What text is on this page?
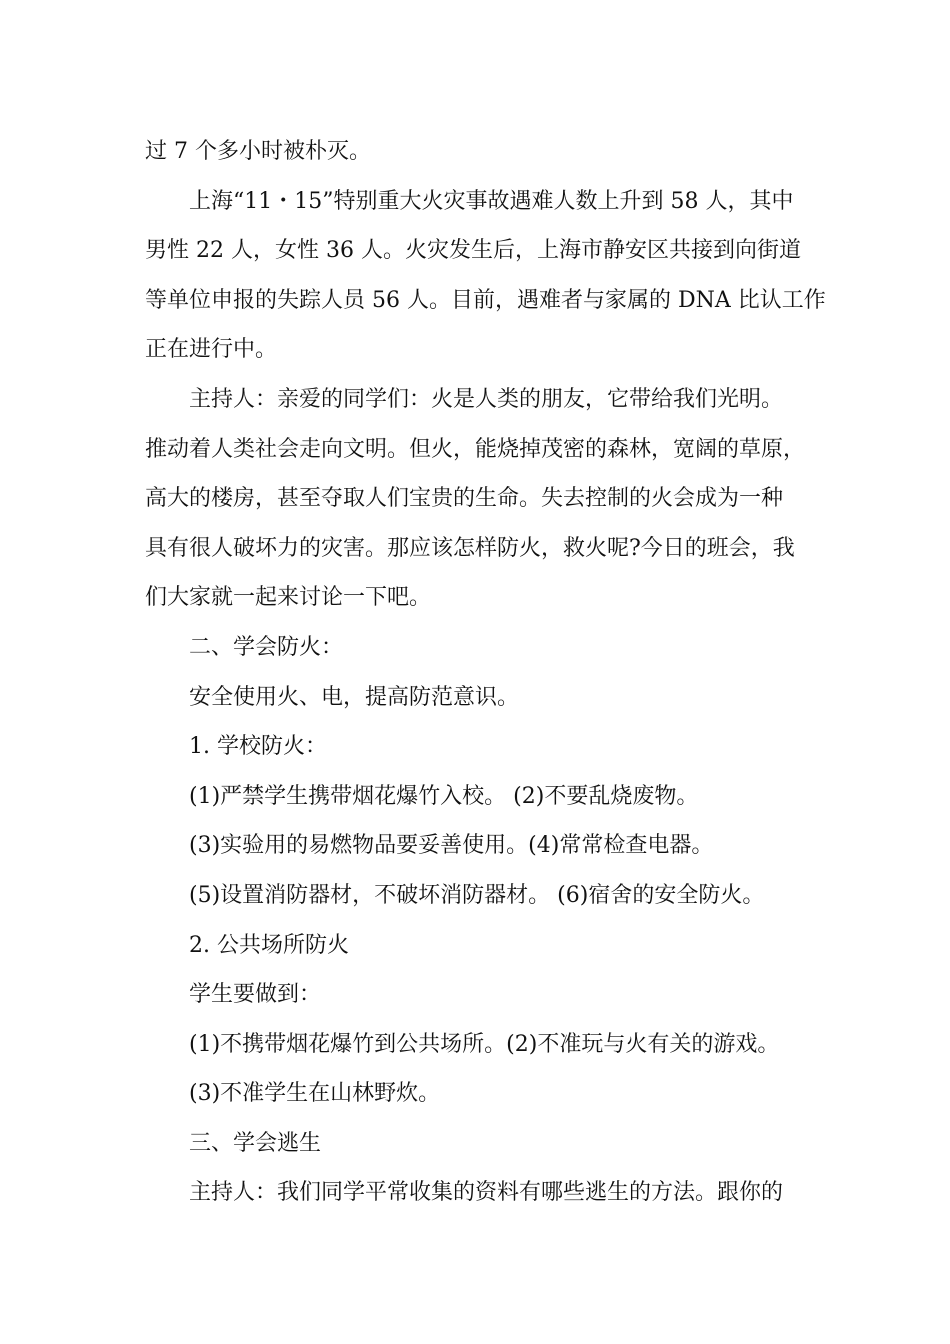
过 7 个多小时被朴灭。
上海“11・15”特别重大火灾事故遇难人数上升到 58 人，其中
男性 22 人，女性 36 人。火灾发生后，上海市静安区共接到向街道
等单位申报的失踪人员 56 人。目前，遇难者与家属的 DNA 比认工作
正在进行中。
主持人：亲爱的同学们：火是人类的朋友，它带给我们光明。
推动着人类社会走向文明。但火，能烧掉茂密的森林，宽阔的草原，
高大的楼房，甚至夺取人们宝贵的生命。失去控制的火会成为一种
具有很人破坏力的灾害。那应该怎样防火，救火呢?今日的班会，我
们大家就一起来讨论一下吧。
二、学会防火：
安全使用火、电，提高防范意识。
1. 学校防火：
(1)严禁学生携带烟花爆竹入校。 (2)不要乱烧废物。
(3)实验用的易燃物品要妥善使用。(4)常常检查电器。
(5)设置消防器材，不破坏消防器材。 (6)宿舍的安全防火。
2. 公共场所防火
学生要做到：
(1)不携带烟花爆竹到公共场所。(2)不准玩与火有关的游戏。
(3)不准学生在山林野炊。
三、学会逃生
主持人：我们同学平常收集的资料有哪些逃生的方法。跟你的
